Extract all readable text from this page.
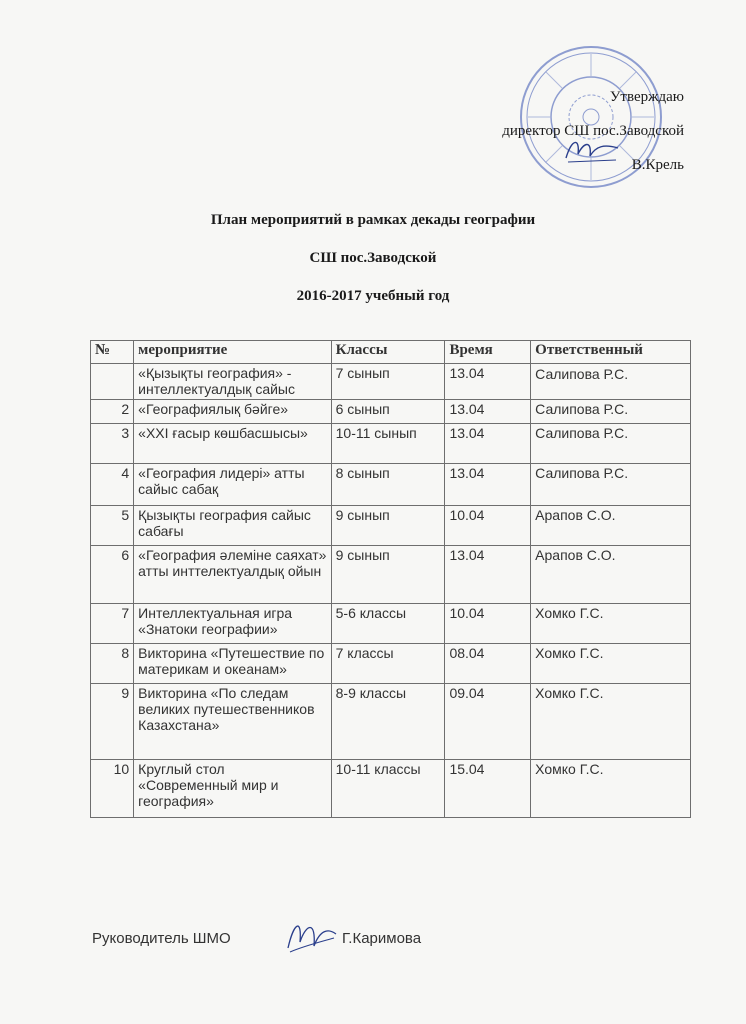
Утверждаю
директор СШ пос.Заводской
В.Крель
План мероприятий в рамках декады географии
СШ пос.Заводской
2016-2017 учебный год
№	мероприятие	Классы	Время	Ответственный
	«Қызықты география» - интеллектуалдық сайыс	7 сынып	13.04	Салипова Р.С.
2	«Географиялық бәйге»	6 сынып	13.04	Салипова Р.С.
3	«XXI ғасыр көшбасшысы»	10-11 сынып	13.04	Салипова Р.С.
4	«География лидері» атты сайыс сабақ	8 сынып	13.04	Салипова Р.С.
5	Қызықты география сайыс сабағы	9 сынып	10.04	Арапов С.О.
6	«География әлеміне саяхат» атты инттелектуалдық ойын	9 сынып	13.04	Арапов С.О.
7	Интеллектуальная игра «Знатоки географии»	5-6 классы	10.04	Хомко Г.С.
8	Викторина «Путешествие по материкам и океанам»	7 классы	08.04	Хомко Г.С.
9	Викторина «По следам великих путешественников Казахстана»	8-9 классы	09.04	Хомко Г.С.
10	Круглый стол «Современный мир и география»	10-11 классы	15.04	Хомко Г.С.
Руководитель ШМО	Г.Каримова
